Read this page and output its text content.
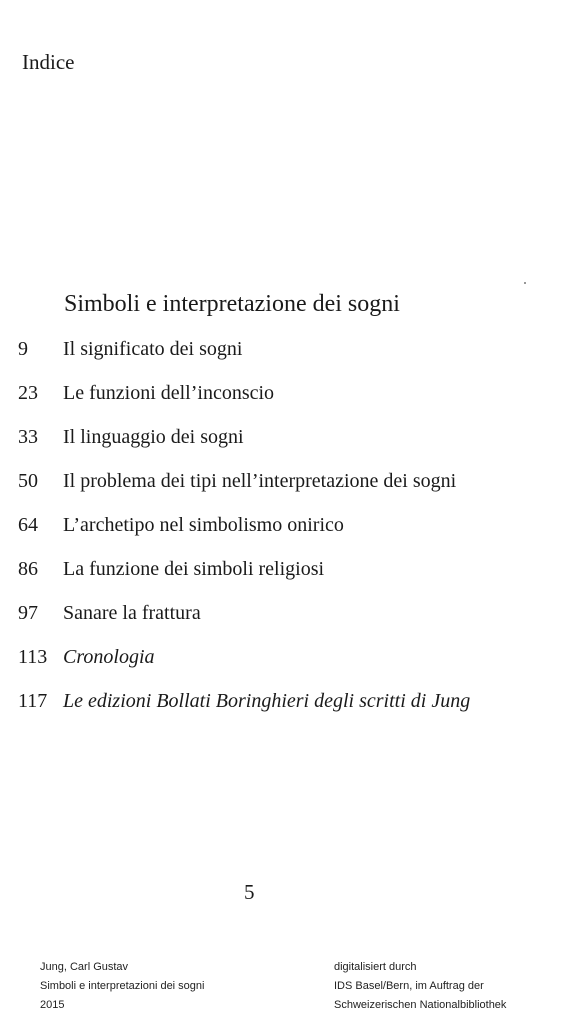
Indice
Simboli e interpretazione dei sogni
9 Il significato dei sogni
23 Le funzioni dell’inconscio
33 Il linguaggio dei sogni
50 Il problema dei tipi nell’interpretazione dei sogni
64 L’archetipo nel simbolismo onirico
86 La funzione dei simboli religiosi
97 Sanare la frattura
113 Cronologia
117 Le edizioni Bollati Boringhieri degli scritti di Jung
5
Jung, Carl Gustav
Simboli e interpretazioni dei sogni
2015
digitalisiert durch
IDS Basel/Bern, im Auftrag der
Schweizerischen Nationalbibliothek
